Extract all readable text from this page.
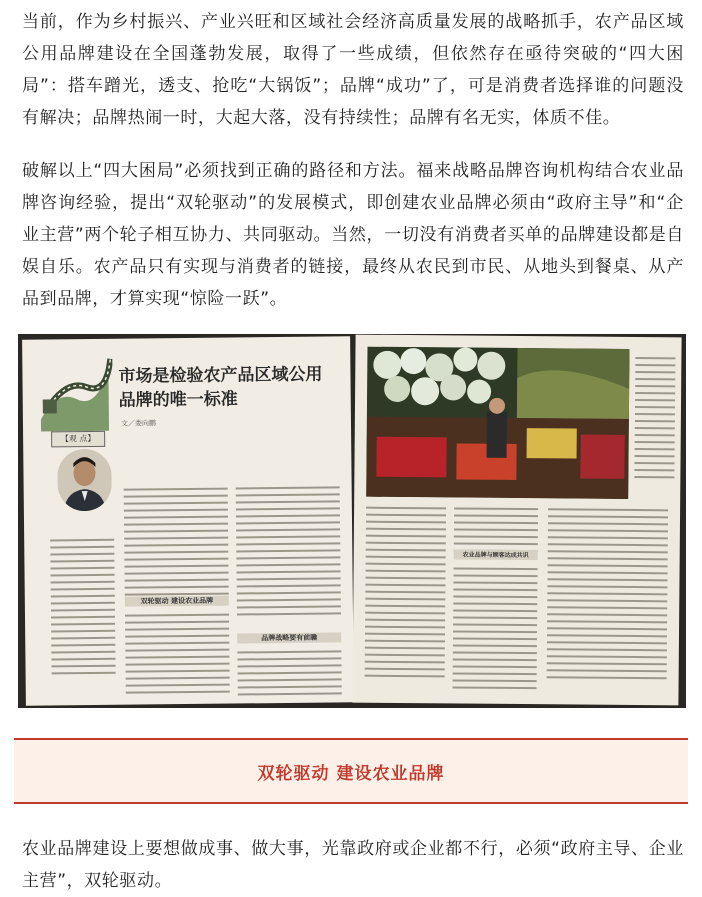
当前，作为乡村振兴、产业兴旺和区域社会经济高质量发展的战略抓手，农产品区域公用品牌建设在全国蓬勃发展，取得了一些成绩，但依然存在亟待突破的“四大困局”：搭车蹭光，透支、抢吃“大锅饭”；品牌“成功”了，可是消费者选择谁的问题没有解决；品牌热闹一时，大起大落，没有持续性；品牌有名无实，体质不佳。

破解以上“四大困局”必须找到正确的路径和方法。福来战略品牌咨询机构结合农业品牌咨询经验，提出“双轮驱动”的发展模式，即创建农业品牌必须由“政府主导”和“企业主营”两个轮子相互协力、共同驱动。当然，一切没有消费者买单的品牌建设都是自娱自乐。农产品只有实现与消费者的链接，最终从农民到市民、从地头到餐桌、从产品到品牌，才算实现“惊险一跃”。

市场是检验农产品区域公用品牌的唯一标准

文／娄向鹏
【观 点】
双轮驱动 建设农业品牌
品牌战略要有前瞻
农业品牌与顾客达成共识
双轮驱动 建设农业品牌

农业品牌建设上要想做成事、做大事，光靠政府或企业都不行，必须“政府主导、企业主营”，双轮驱动。
